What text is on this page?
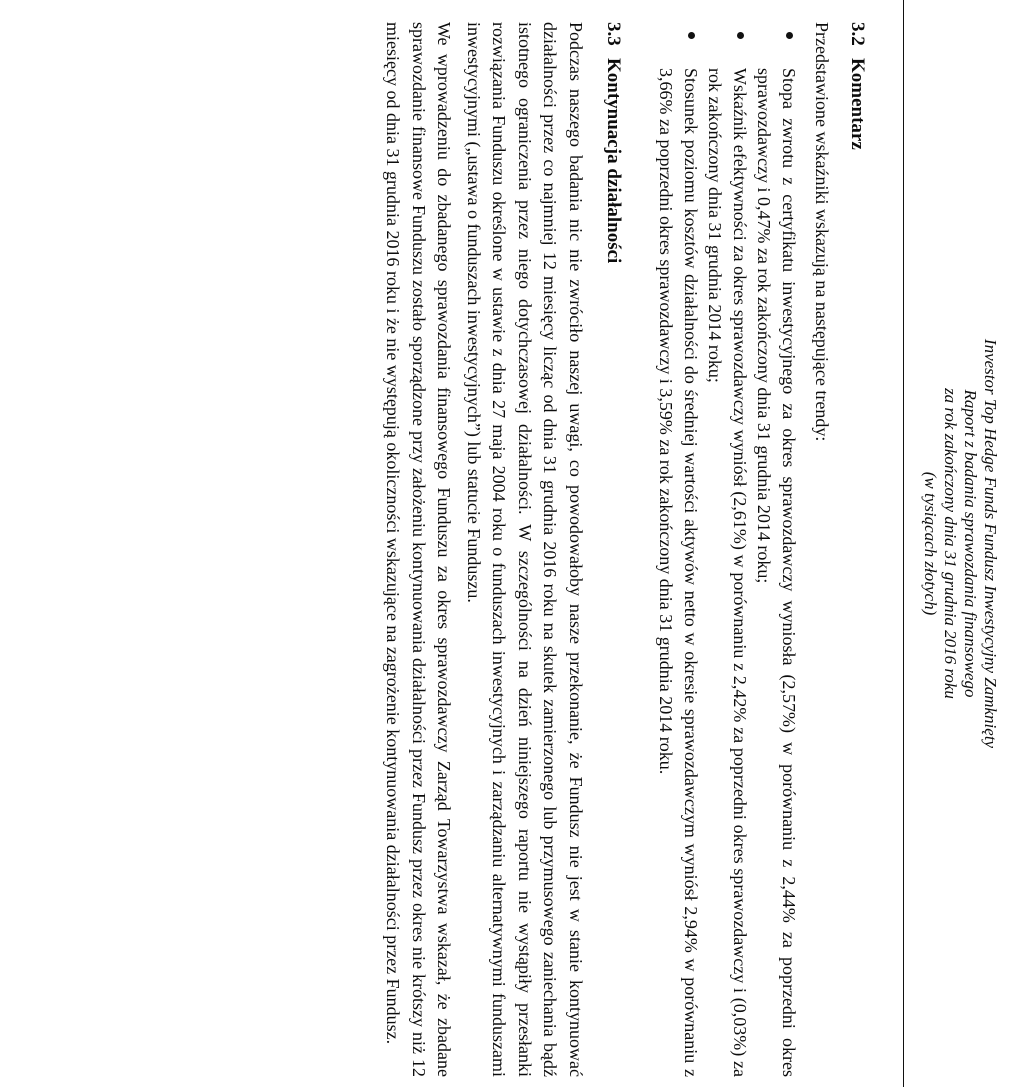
Investor Top Hedge Funds Fundusz Inwestycyjny Zamknięty
Raport z badania sprawozdania finansowego
za rok zakończony dnia 31 grudnia 2016 roku
(w tysiącach złotych)
3.2Komentarz

Przedstawione wskaźniki wskazują na następujące trendy:

Stopa zwrotu z certyfikatu inwestycyjnego za okres sprawozdawczy wyniosła (2,57%) w porównaniu z 2,44% za poprzedni okres sprawozdawczy i 0,47% za rok zakończony dnia 31 grudnia 2014 roku;
Wskaźnik efektywności za okres sprawozdawczy wyniósł (2,61%) w porównaniu z 2,42% za poprzedni okres sprawozdawczy i (0,03%) za rok zakończony dnia 31 grudnia 2014 roku;
Stosunek poziomu kosztów działalności do średniej wartości aktywów netto w okresie sprawozdawczym wyniósł 2,94% w porównaniu z 3,66% za poprzedni okres sprawozdawczy i 3,59% za rok zakończony dnia 31 grudnia 2014 roku.
3.3Kontynuacja działalności

Podczas naszego badania nic nie zwróciło naszej uwagi, co powodowałoby nasze przekonanie, że Fundusz nie jest w stanie kontynuować działalności przez co najmniej 12 miesięcy licząc od dnia 31 grudnia 2016 roku na skutek zamierzonego lub przymusowego zaniechania bądź istotnego ograniczenia przez niego dotychczasowej działalności. W szczególności na dzień niniejszego raportu nie wystąpiły przesłanki rozwiązania Funduszu określone w ustawie z dnia 27 maja 2004 roku o funduszach inwestycyjnych i zarządzaniu alternatywnymi funduszami inwestycyjnymi („ustawa o funduszach inwestycyjnych”) lub statucie Funduszu.

We wprowadzeniu do zbadanego sprawozdania finansowego Funduszu za okres sprawozdawczy Zarząd Towarzystwa wskazał, że zbadane sprawozdanie finansowe Funduszu zostało sporządzone przy założeniu kontynuowania działalności przez Fundusz przez okres nie krótszy niż 12 miesięcy od dnia 31 grudnia 2016 roku i że nie występują okoliczności wskazujące na zagrożenie kontynuowania działalności przez Fundusz.
